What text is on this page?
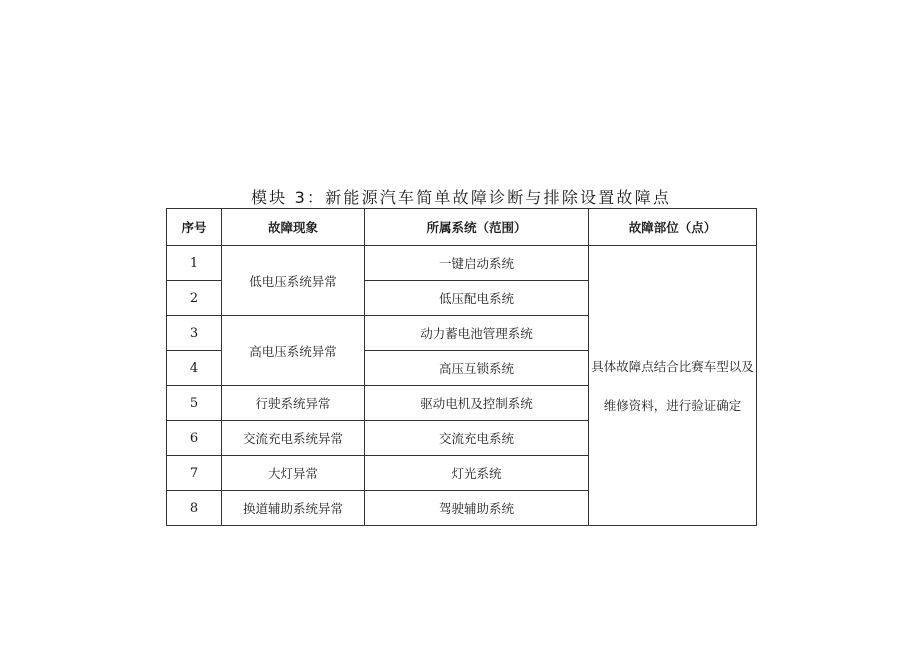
模块 3：新能源汽车简单故障诊断与排除设置故障点
序号	故障现象	所属系统（范围）	故障部位（点）
1	低电压系统异常	一键启动系统	具体故障点结合比赛车型以及维修资料，进行验证确定
2		低压配电系统	
3	高电压系统异常	动力蓄电池管理系统	
4		高压互锁系统	
5	行驶系统异常	驱动电机及控制系统	
6	交流充电系统异常	交流充电系统	
7	大灯异常	灯光系统	
8	换道辅助系统异常	驾驶辅助系统	
